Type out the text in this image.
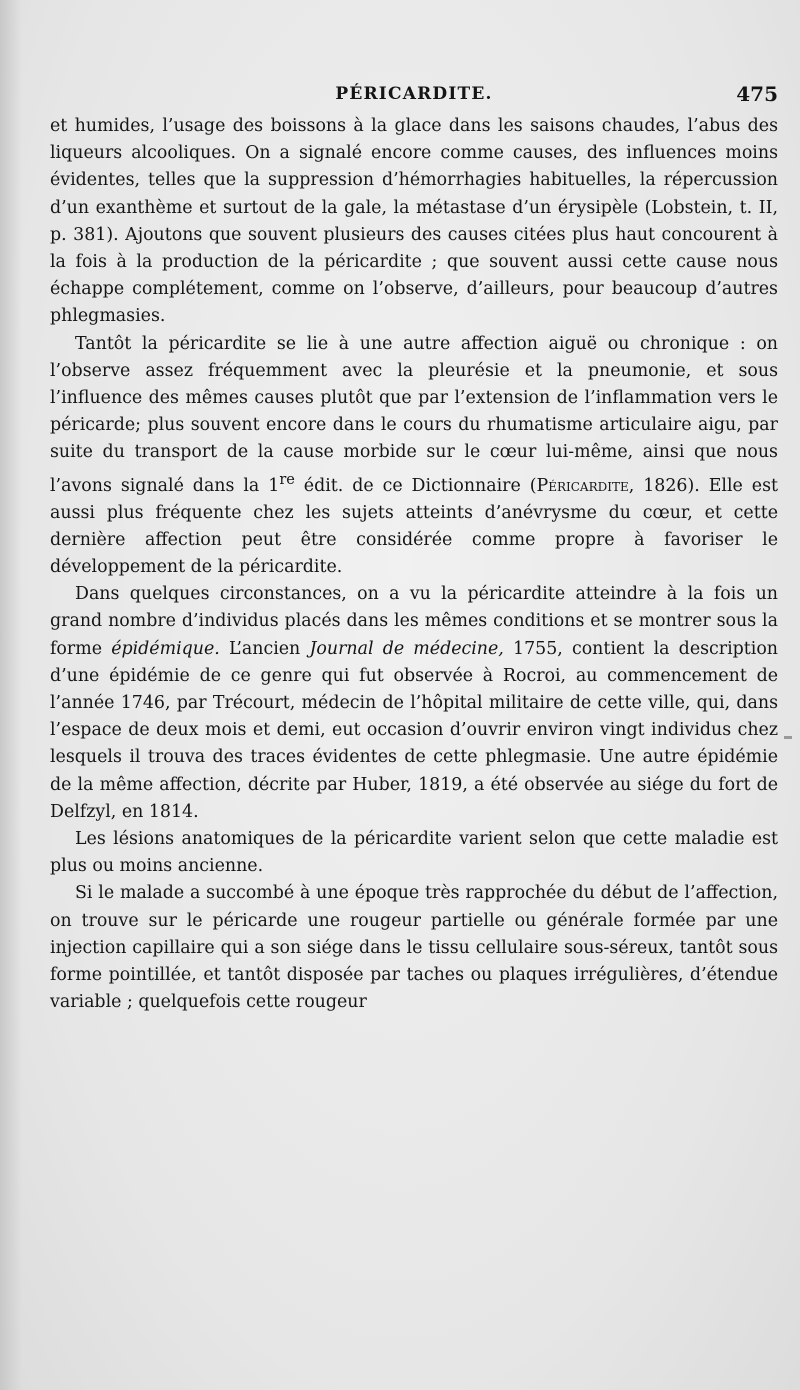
PÉRICARDITE.	475

et humides, l’usage des boissons à la glace dans les saisons chaudes, l’abus des liqueurs alcooliques. On a signalé encore comme causes, des influences moins évidentes, telles que la suppression d’hémorrhagies habituelles, la répercussion d’un exanthème et surtout de la gale, la métastase d’un érysipèle (Lobstein, t. II, p. 381). Ajoutons que souvent plusieurs des causes citées plus haut concourent à la fois à la production de la péricardite ; que souvent aussi cette cause nous échappe complétement, comme on l’observe, d’ailleurs, pour beaucoup d’autres phlegmasies.

Tantôt la péricardite se lie à une autre affection aiguë ou chronique : on l’observe assez fréquemment avec la pleurésie et la pneumonie, et sous l’influence des mêmes causes plutôt que par l’extension de l’inflammation vers le péricarde; plus souvent encore dans le cours du rhumatisme articulaire aigu, par suite du transport de la cause morbide sur le cœur lui-même, ainsi que nous l’avons signalé dans la 1re édit. de ce Dictionnaire (Péricardite, 1826). Elle est aussi plus fréquente chez les sujets atteints d’anévrysme du cœur, et cette dernière affection peut être considérée comme propre à favoriser le développement de la péricardite.

Dans quelques circonstances, on a vu la péricardite atteindre à la fois un grand nombre d’individus placés dans les mêmes conditions et se montrer sous la forme épidémique. L’ancien Journal de médecine, 1755, contient la description d’une épidémie de ce genre qui fut observée à Rocroi, au commencement de l’année 1746, par Trécourt, médecin de l’hôpital militaire de cette ville, qui, dans l’espace de deux mois et demi, eut occasion d’ouvrir environ vingt individus chez lesquels il trouva des traces évidentes de cette phlegmasie. Une autre épidémie de la même affection, décrite par Huber, 1819, a été observée au siége du fort de Delfzyl, en 1814.

Les lésions anatomiques de la péricardite varient selon que cette maladie est plus ou moins ancienne.

Si le malade a succombé à une époque très rapprochée du début de l’affection, on trouve sur le péricarde une rougeur partielle ou générale formée par une injection capillaire qui a son siége dans le tissu cellulaire sous-séreux, tantôt sous forme pointillée, et tantôt disposée par taches ou plaques irrégulières, d’étendue variable ; quelquefois cette rougeur
